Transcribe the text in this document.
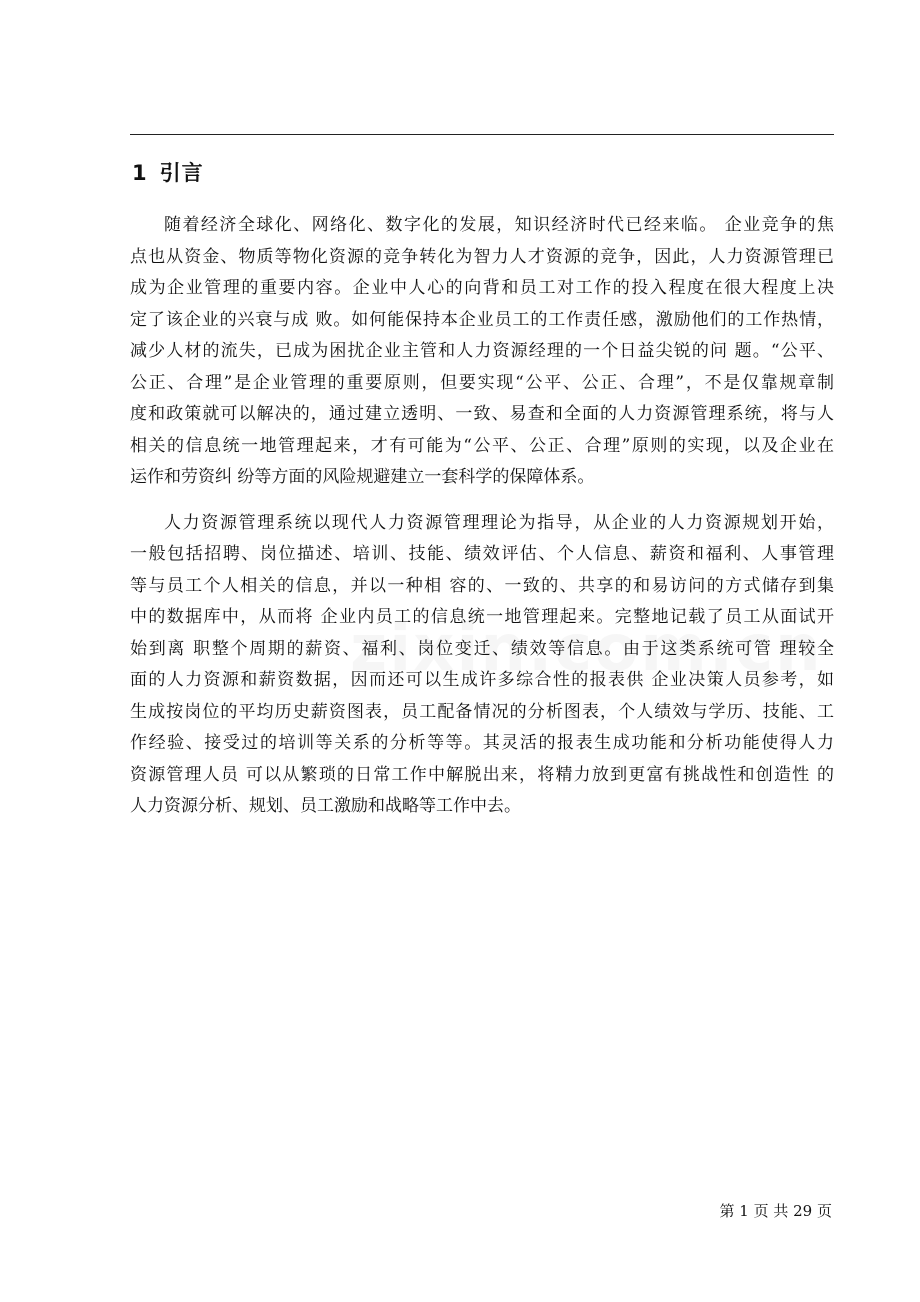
1 引言
随着经济全球化、网络化、数字化的发展，知识经济时代已经来临。 企业竞争的焦
点也从资金、物质等物化资源的竞争转化为智力人才资源的竞争，因此，人力资源管理已
成为企业管理的重要内容。企业中人心的向背和员工对工作的投入程度在很大程度上决
定了该企业的兴衰与成 败。如何能保持本企业员工的工作责任感，激励他们的工作热情，
减少人材的流失，已成为困扰企业主管和人力资源经理的一个日益尖锐的问 题。“公平、
公正、合理”是企业管理的重要原则，但要实现“公平、公正、合理”，不是仅靠规章制
度和政策就可以解决的，通过建立透明、一致、易查和全面的人力资源管理系统，将与人
相关的信息统一地管理起来，才有可能为“公平、公正、合理”原则的实现，以及企业在
运作和劳资纠 纷等方面的风险规避建立一套科学的保障体系。
人力资源管理系统以现代人力资源管理理论为指导，从企业的人力资源规划开始，
一般包括招聘、岗位描述、培训、技能、绩效评估、个人信息、薪资和福利、人事管理
等与员工个人相关的信息，并以一种相 容的、一致的、共享的和易访问的方式储存到集
中的数据库中，从而将 企业内员工的信息统一地管理起来。完整地记载了员工从面试开
始到离 职整个周期的薪资、福利、岗位变迁、绩效等信息。由于这类系统可管 理较全
面的人力资源和薪资数据，因而还可以生成许多综合性的报表供 企业决策人员参考，如
生成按岗位的平均历史薪资图表，员工配备情况的分析图表，个人绩效与学历、技能、工
作经验、接受过的培训等关系的分析等等。其灵活的报表生成功能和分析功能使得人力
资源管理人员 可以从繁琐的日常工作中解脱出来，将精力放到更富有挑战性和创造性 的
人力资源分析、规划、员工激励和战略等工作中去。
第 1 页 共 29 页
